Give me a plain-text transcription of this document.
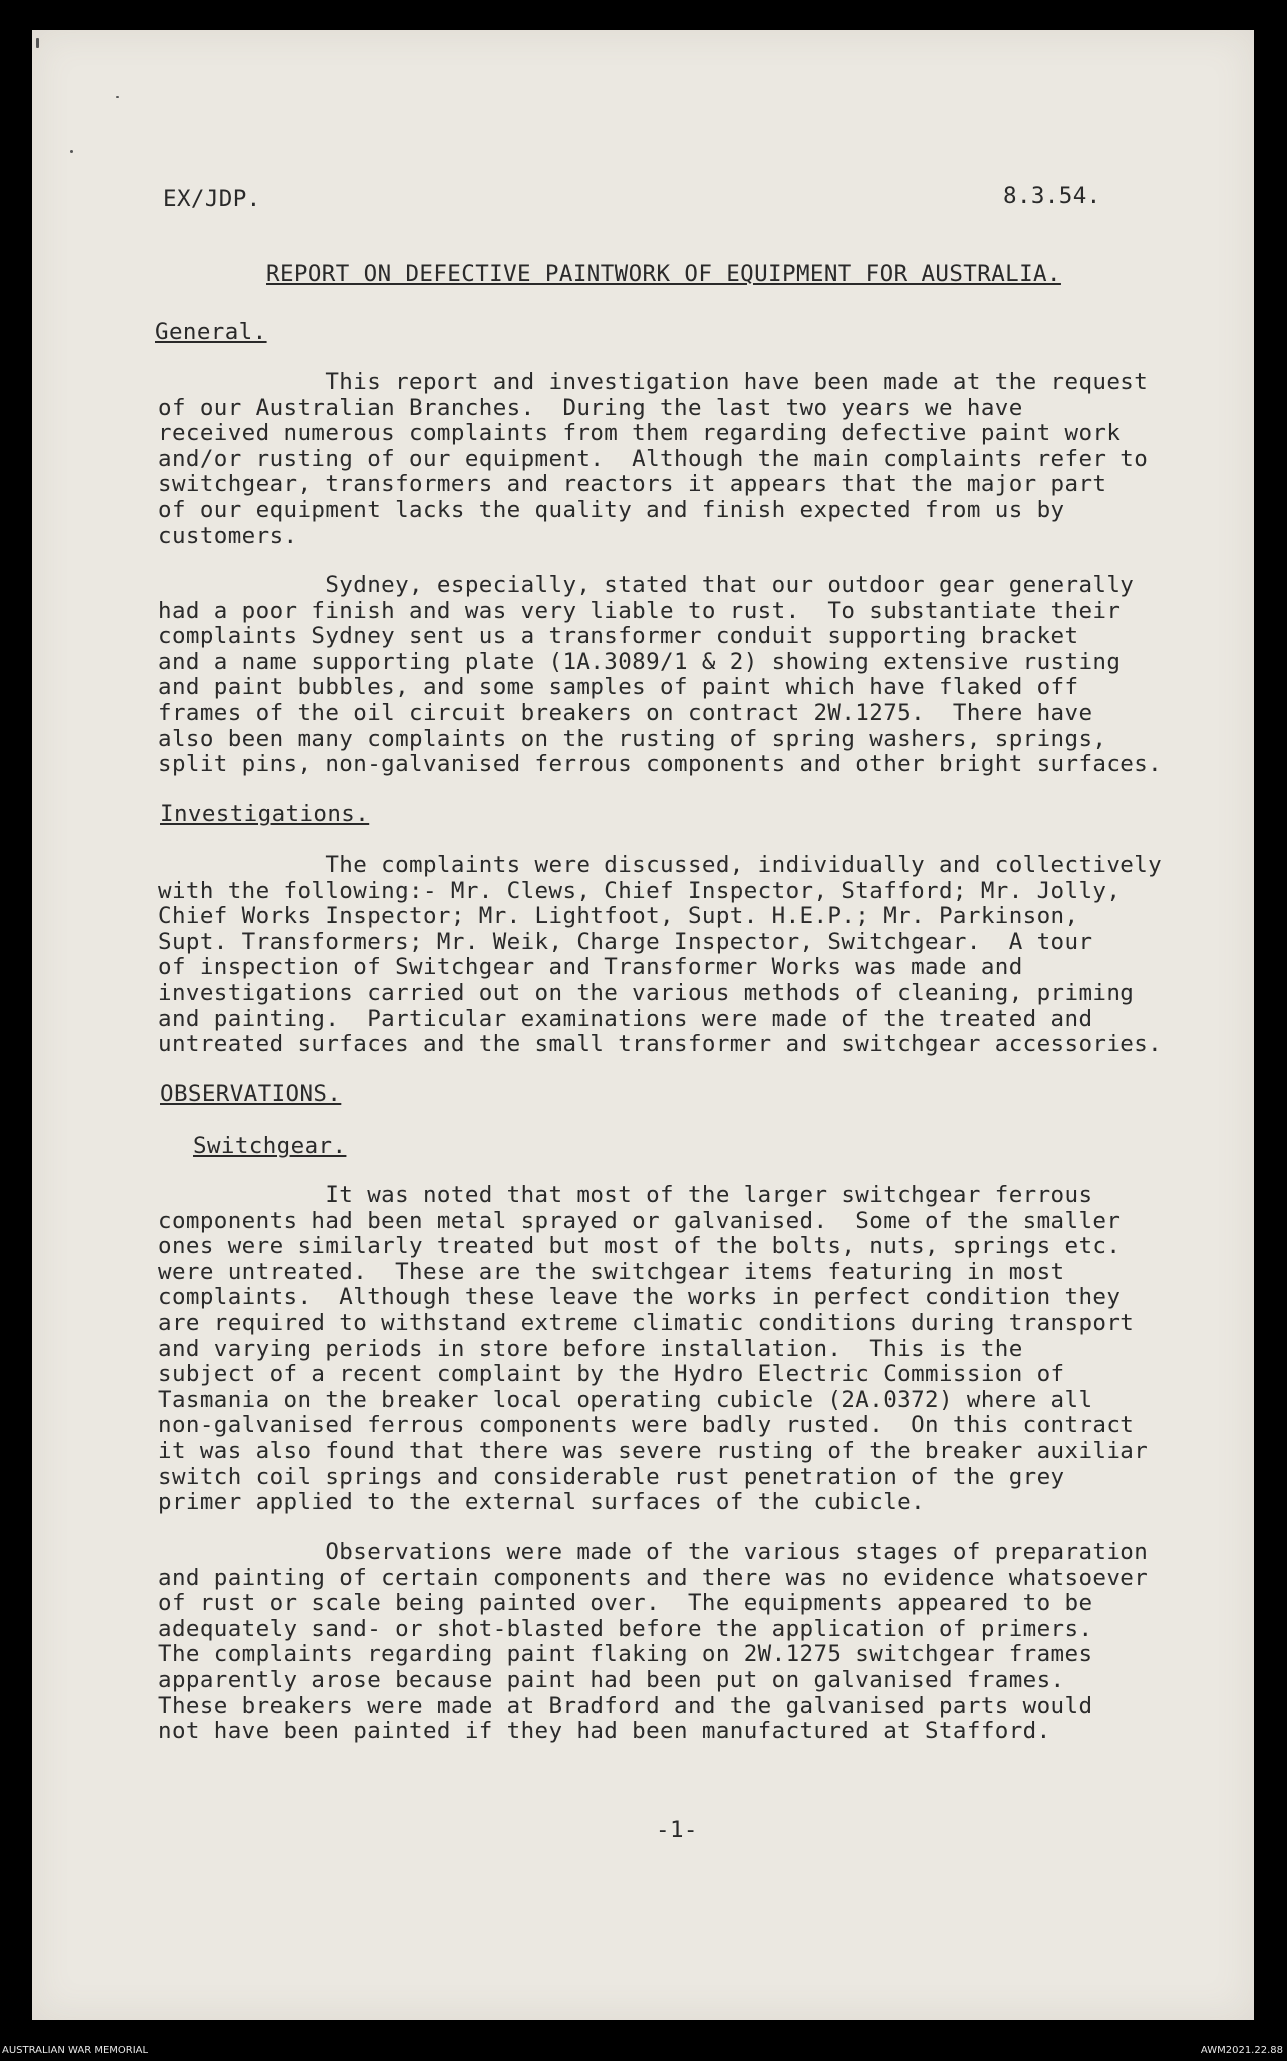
EX/JDP.	8.3.54.
REPORT ON DEFECTIVE PAINTWORK OF EQUIPMENT FOR AUSTRALIA.
General.
This report and investigation have been made at the request
of our Australian Branches.  During the last two years we have
received numerous complaints from them regarding defective paint work
and/or rusting of our equipment.  Although the main complaints refer to
switchgear, transformers and reactors it appears that the major part
of our equipment lacks the quality and finish expected from us by
customers.
Sydney, especially, stated that our outdoor gear generally
had a poor finish and was very liable to rust.  To substantiate their
complaints Sydney sent us a transformer conduit supporting bracket
and a name supporting plate (1A.3089/1 & 2) showing extensive rusting
and paint bubbles, and some samples of paint which have flaked off
frames of the oil circuit breakers on contract 2W.1275.  There have
also been many complaints on the rusting of spring washers, springs,
split pins, non-galvanised ferrous components and other bright surfaces.
Investigations.
The complaints were discussed, individually and collectively
with the following:- Mr. Clews, Chief Inspector, Stafford; Mr. Jolly,
Chief Works Inspector; Mr. Lightfoot, Supt. H.E.P.; Mr. Parkinson,
Supt. Transformers; Mr. Weik, Charge Inspector, Switchgear.  A tour
of inspection of Switchgear and Transformer Works was made and
investigations carried out on the various methods of cleaning, priming
and painting.  Particular examinations were made of the treated and
untreated surfaces and the small transformer and switchgear accessories.
OBSERVATIONS.
Switchgear.
It was noted that most of the larger switchgear ferrous
components had been metal sprayed or galvanised.  Some of the smaller
ones were similarly treated but most of the bolts, nuts, springs etc.
were untreated.  These are the switchgear items featuring in most
complaints.  Although these leave the works in perfect condition they
are required to withstand extreme climatic conditions during transport
and varying periods in store before installation.  This is the
subject of a recent complaint by the Hydro Electric Commission of
Tasmania on the breaker local operating cubicle (2A.0372) where all
non-galvanised ferrous components were badly rusted.  On this contract
it was also found that there was severe rusting of the breaker auxiliar
switch coil springs and considerable rust penetration of the grey
primer applied to the external surfaces of the cubicle.
Observations were made of the various stages of preparation
and painting of certain components and there was no evidence whatsoever
of rust or scale being painted over.  The equipments appeared to be
adequately sand- or shot-blasted before the application of primers.
The complaints regarding paint flaking on 2W.1275 switchgear frames
apparently arose because paint had been put on galvanised frames.
These breakers were made at Bradford and the galvanised parts would
not have been painted if they had been manufactured at Stafford.
-1-
AUSTRALIAN WAR MEMORIAL	AWM2021.22.88
